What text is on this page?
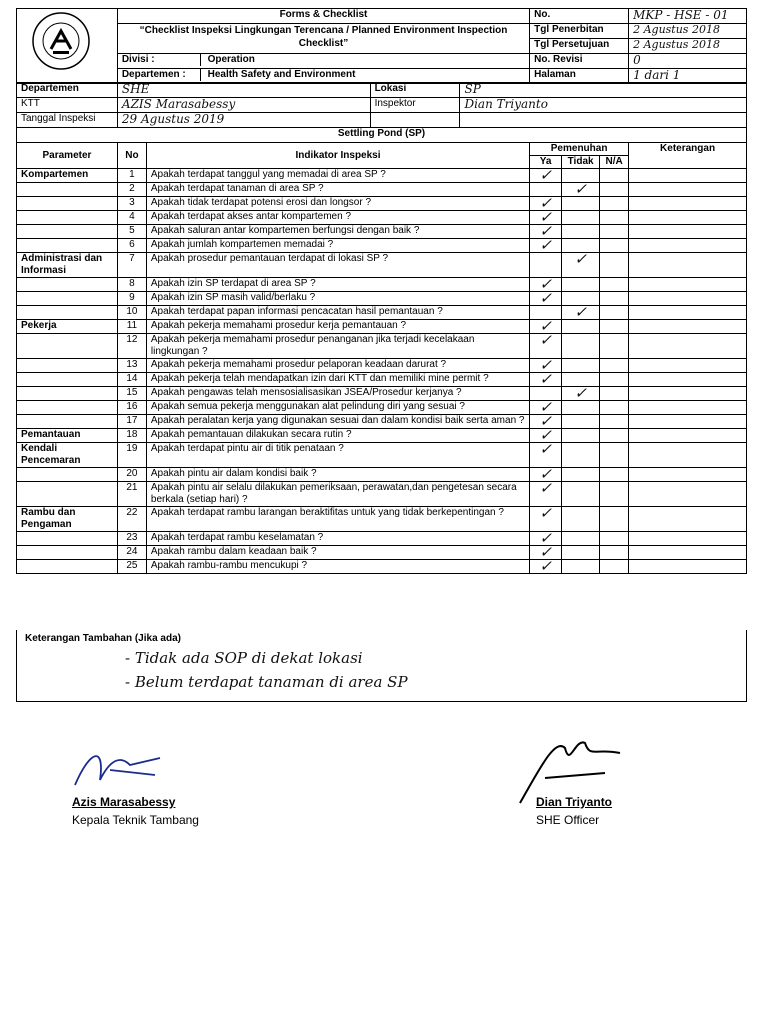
	Forms & Checklist	No.	MKP - HSE - 01
	“Checklist Inspeksi Lingkungan Terencana / Planned Environment Inspection
Checklist”	Tgl Penerbitan	2 Agustus 2018
		Tgl Persetujuan	2 Agustus 2018
	Divisi : Operation	No. Revisi	0
	Departemen : Health Safety and Environment	Halaman	1 dari 1
Departemen	SHE	Lokasi	SP
KTT	AZIS Marasabessy	Inspektor	Dian Triyanto
Tanggal Inspeksi	29 Agustus 2019		
Settling Pond (SP)						
Parameter	No	Indikator Inspeksi	Pemenuhan			Keterangan
			Ya	Tidak	N/A	
Kompartemen	1	Apakah terdapat tanggul yang memadai di area SP ?	✓			
	2	Apakah terdapat tanaman di area SP ?		✓		
	3	Apakah tidak terdapat potensi erosi dan longsor ?	✓			
	4	Apakah terdapat akses antar kompartemen ?	✓			
	5	Apakah saluran antar kompartemen berfungsi dengan baik ?	✓			
	6	Apakah jumlah kompartemen memadai ?	✓			
Administrasi dan Informasi	7	Apakah prosedur pemantauan terdapat di lokasi SP ?		✓		
	8	Apakah izin SP terdapat di area SP ?	✓			
	9	Apakah izin SP masih valid/berlaku ?	✓			
	10	Apakah terdapat papan informasi pencacatan hasil pemantauan ?		✓		
Pekerja	11	Apakah pekerja memahami prosedur kerja pemantauan ?	✓			
	12	Apakah pekerja memahami prosedur penanganan jika terjadi kecelakaan lingkungan ?	✓			
	13	Apakah pekerja memahami prosedur pelaporan keadaan darurat ?	✓			
	14	Apakah pekerja telah mendapatkan izin dari KTT dan memiliki mine permit ?	✓			
	15	Apakah pengawas telah mensosialisasikan JSEA/Prosedur kerjanya ?		✓		
	16	Apakah semua pekerja menggunakan alat pelindung diri yang sesuai ?	✓			
	17	Apakah peralatan kerja yang digunakan sesuai dan dalam kondisi baik serta aman ?	✓			
Pemantauan	18	Apakah pemantauan dilakukan secara rutin ?	✓			
Kendali Pencemaran	19	Apakah terdapat pintu air di titik penataan ?	✓			
	20	Apakah pintu air dalam kondisi baik ?	✓			
	21	Apakah pintu air selalu dilakukan pemeriksaan, perawatan,dan pengetesan secara berkala (setiap hari) ?	✓			
Rambu dan Pengaman	22	Apakah terdapat rambu larangan beraktifitas untuk yang tidak berkepentingan ?	✓			
	23	Apakah terdapat rambu keselamatan ?	✓			
	24	Apakah rambu dalam keadaan baik ?	✓			
	25	Apakah rambu-rambu mencukupi ?	✓			
Keterangan Tambahan (Jika ada)
- Tidak ada SOP di dekat lokasi
- Belum terdapat tanaman di area SP
Azis Marasabessy
Kepala Teknik Tambang
Dian Triyanto
SHE Officer
